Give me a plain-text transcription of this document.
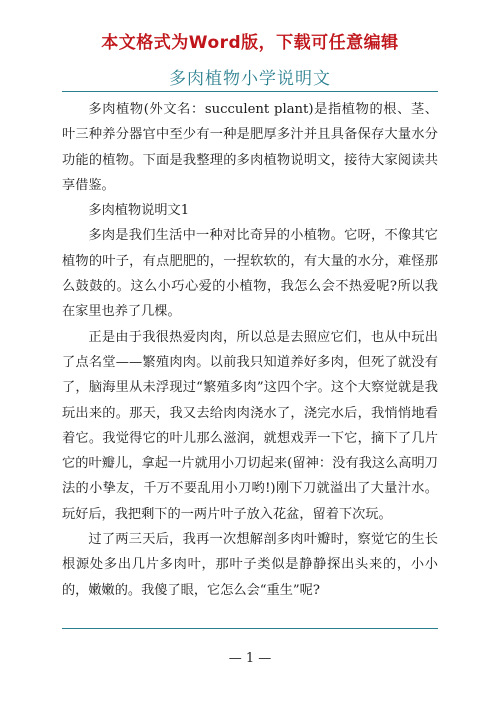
本文格式为Word版，下载可任意编辑
多肉植物小学说明文

多肉植物(外文名：succulent plant)是指植物的根、茎、叶三种养分器官中至少有一种是肥厚多汁并且具备保存大量水分功能的植物。下面是我整理的多肉植物说明文，接待大家阅读共享借鉴。

多肉植物说明文1

多肉是我们生活中一种对比奇异的小植物。它呀，不像其它植物的叶子，有点肥肥的，一捏软软的，有大量的水分，难怪那么鼓鼓的。这么小巧心爱的小植物，我怎么会不热爱呢?所以我在家里也养了几棵。

正是由于我很热爱肉肉，所以总是去照应它们，也从中玩出了点名堂——繁殖肉肉。以前我只知道养好多肉，但死了就没有了，脑海里从未浮现过“繁殖多肉”这四个字。这个大察觉就是我玩出来的。那天，我又去给肉肉浇水了，浇完水后，我悄悄地看着它。我觉得它的叶儿那么滋润，就想戏弄一下它，摘下了几片它的叶瓣儿，拿起一片就用小刀切起来(留神：没有我这么高明刀法的小挚友，千万不要乱用小刀哟!)刚下刀就溢出了大量汁水。玩好后，我把剩下的一两片叶子放入花盆，留着下次玩。

过了两三天后，我再一次想解剖多肉叶瓣时，察觉它的生长根源处多出几片多肉叶，那叶子类似是静静探出头来的，小小的，嫩嫩的。我傻了眼，它怎么会“重生”呢?

— 1 —
